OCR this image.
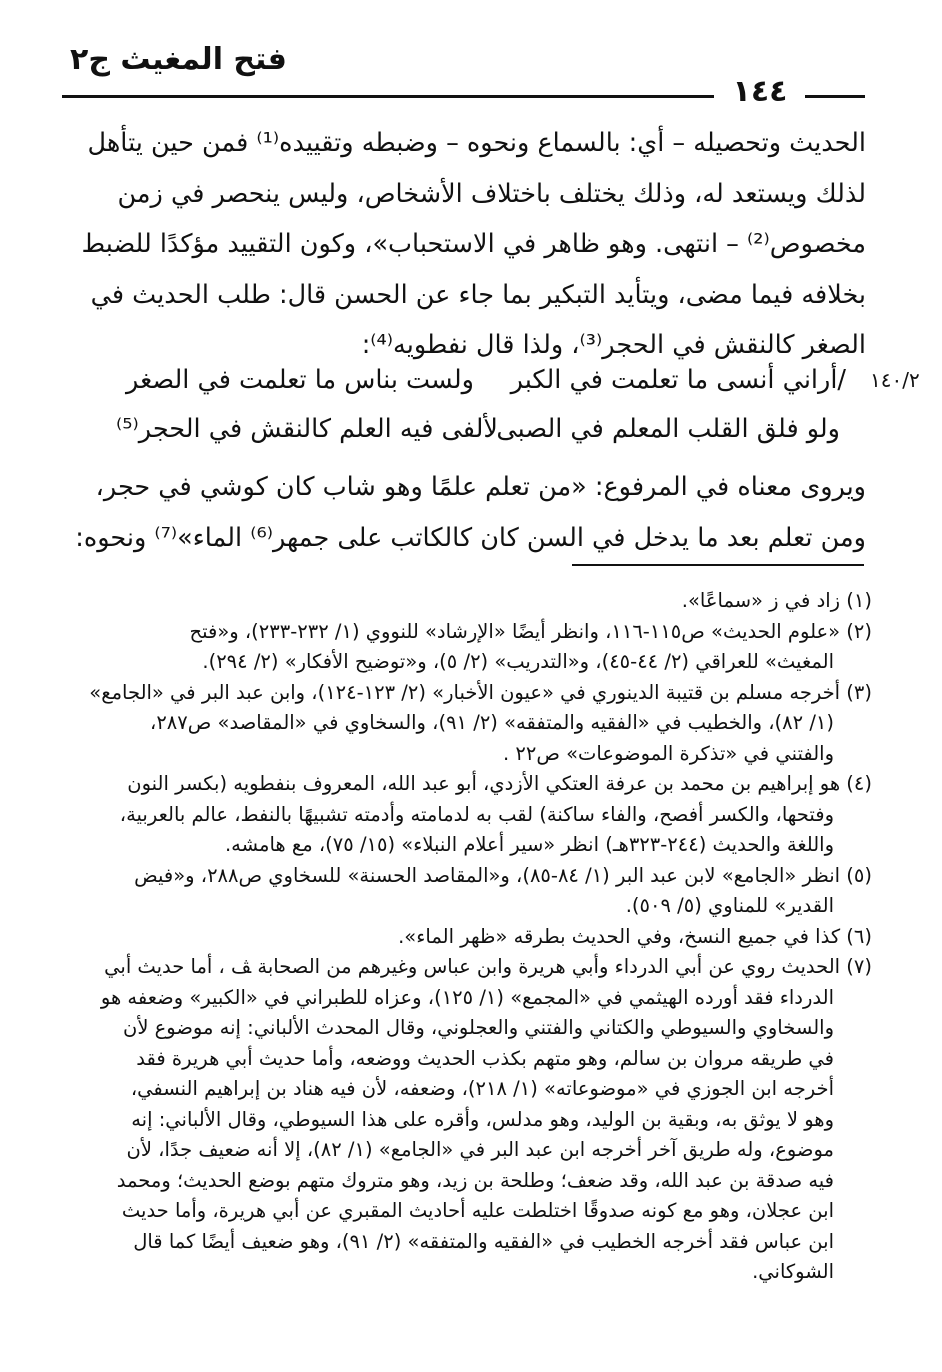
فتح المغيث ج٢
١٤٤
١٤٠/٢
الحديث وتحصيله – أي: بالسماع ونحوه – وضبطه وتقييده⁽¹⁾ فمن حين يتأهل
لذلك ويستعد له، وذلك يختلف باختلاف الأشخاص، وليس ينحصر في زمن
مخصوص⁽²⁾ – انتهى. وهو ظاهر في الاستحباب»، وكون التقييد مؤكدًا للضبط
بخلافه فيما مضى، ويتأيد التبكير بما جاء عن الحسن قال: طلب الحديث في
الصغر كالنقش في الحجر⁽³⁾، ولذا قال نفطويه⁽⁴⁾:
/أراني أنسى ما تعلمت في الكبر
ولست بناس ما تعلمت في الصغر
ولو فلق القلب المعلم في الصبى
لألفى فيه العلم كالنقش في الحجر⁽⁵⁾
ويروى معناه في المرفوع: «من تعلم علمًا وهو شاب كان كوشي في حجر،
ومن تعلم بعد ما يدخل في السن كان كالكاتب على جمهر⁽⁶⁾ الماء»⁽⁷⁾ ونحوه:
(١) زاد في ز «سماعًا».
(٢) «علوم الحديث» ص١١٥-١١٦، وانظر أيضًا «الإرشاد» للنووي (١/ ٢٣٢-٢٣٣)، و«فتح
المغيث» للعراقي (٢/ ٤٤-٤٥)، و«التدريب» (٢/ ٥)، و«توضيح الأفكار» (٢/ ٢٩٤).
(٣) أخرجه مسلم بن قتيبة الدينوري في «عيون الأخبار» (٢/ ١٢٣-١٢٤)، وابن عبد البر في «الجامع»
(١/ ٨٢)، والخطيب في «الفقيه والمتفقه» (٢/ ٩١)، والسخاوي في «المقاصد» ص٢٨٧،
والفتني في «تذكرة الموضوعات» ص٢٢ .
(٤) هو إبراهيم بن محمد بن عرفة العتكي الأزدي، أبو عبد الله، المعروف بنفطويه (بكسر النون
وفتحها، والكسر أفصح، والفاء ساكنة) لقب به لدمامته وأدمته تشبيهًا بالنفط، عالم بالعربية،
واللغة والحديث (٢٤٤-٣٢٣هـ) انظر «سير أعلام النبلاء» (١٥/ ٧٥)، مع هامشه.
(٥) انظر «الجامع» لابن عبد البر (١/ ٨٤-٨٥)، و«المقاصد الحسنة» للسخاوي ص٢٨٨، و«فيض
القدير» للمناوي (٥/ ٥٠٩).
(٦) كذا في جميع النسخ، وفي الحديث بطرقه «ظهر الماء».
(٧) الحديث روي عن أبي الدرداء وأبي هريرة وابن عباس وغيرهم من الصحابة ﭫ ، أما حديث أبي
الدرداء فقد أورده الهيثمي في «المجمع» (١/ ١٢٥)، وعزاه للطبراني في «الكبير» وضعفه هو
والسخاوي والسيوطي والكتاني والفتني والعجلوني، وقال المحدث الألباني: إنه موضوع لأن
في طريقه مروان بن سالم، وهو متهم بكذب الحديث ووضعه، وأما حديث أبي هريرة فقد
أخرجه ابن الجوزي في «موضوعاته» (١/ ٢١٨)، وضعفه، لأن فيه هناد بن إبراهيم النسفي،
وهو لا يوثق به، وبقية بن الوليد، وهو مدلس، وأقره على هذا السيوطي، وقال الألباني: إنه
موضوع، وله طريق آخر أخرجه ابن عبد البر في «الجامع» (١/ ٨٢)، إلا أنه ضعيف جدًا، لأن
فيه صدقة بن عبد الله، وقد ضعف؛ وطلحة بن زيد، وهو متروك متهم بوضع الحديث؛ ومحمد
ابن عجلان، وهو مع كونه صدوقًا اختلطت عليه أحاديث المقبري عن أبي هريرة، وأما حديث
ابن عباس فقد أخرجه الخطيب في «الفقيه والمتفقه» (٢/ ٩١)، وهو ضعيف أيضًا كما قال
الشوكاني.
